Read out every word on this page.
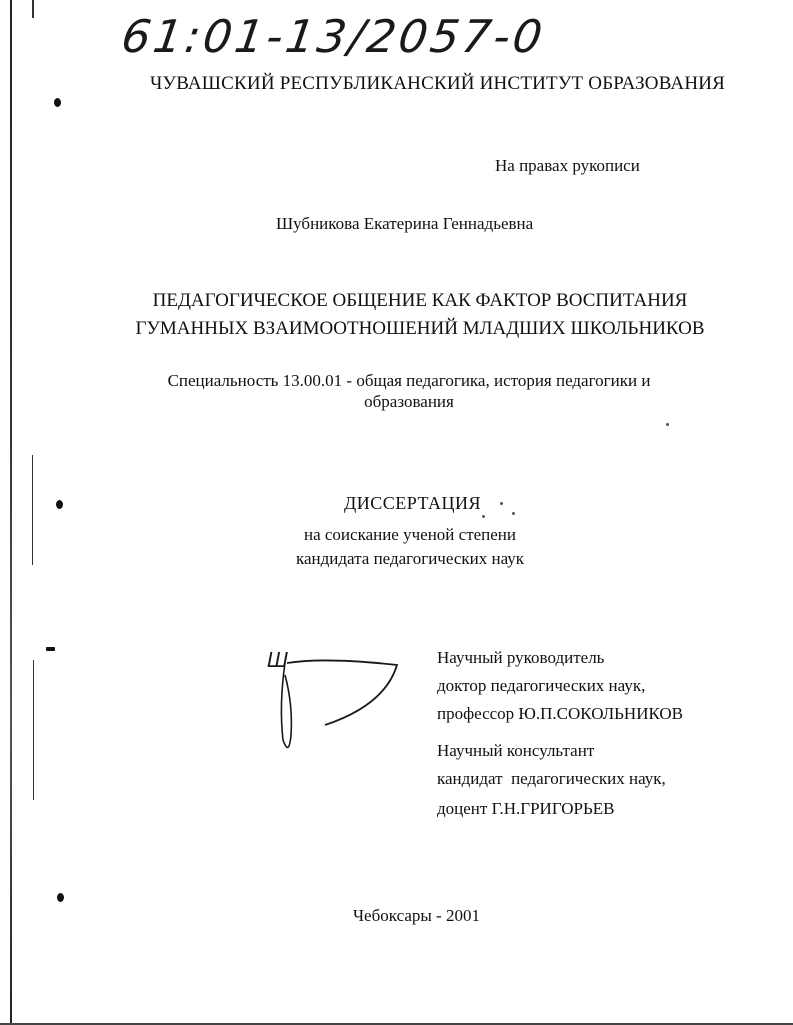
61:01-13/2057-0
ЧУВАШСКИЙ РЕСПУБЛИКАНСКИЙ ИНСТИТУТ ОБРАЗОВАНИЯ
На правах рукописи
Шубникова Екатерина Геннадьевна
ПЕДАГОГИЧЕСКОЕ ОБЩЕНИЕ КАК ФАКТОР ВОСПИТАНИЯ
ГУМАННЫХ ВЗАИМООТНОШЕНИЙ МЛАДШИХ ШКОЛЬНИКОВ
Специальность 13.00.01 - общая педагогика, история педагогики и
образования
ДИССЕРТАЦИЯ
на соискание ученой степени
кандидата педагогических наук
Ш	Научный руководитель
доктор педагогических наук,
профессор Ю.П.СОКОЛЬНИКОВ
Научный консультант
кандидат  педагогических наук,
доцент Г.Н.ГРИГОРЬЕВ
Чебоксары - 2001
